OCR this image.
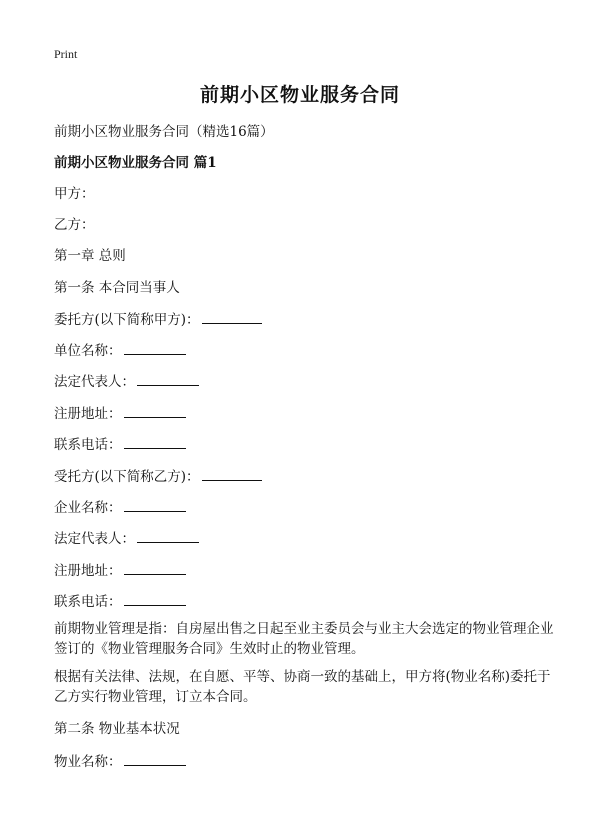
Print
前期小区物业服务合同
前期小区物业服务合同（精选16篇）
前期小区物业服务合同 篇1
甲方：
乙方：
第一章 总则
第一条 本合同当事人
委托方(以下简称甲方)：
单位名称：
法定代表人：
注册地址：
联系电话：
受托方(以下简称乙方)：
企业名称：
法定代表人：
注册地址：
联系电话：
前期物业管理是指：自房屋出售之日起至业主委员会与业主大会选定的物业管理企业签订的《物业管理服务合同》生效时止的物业管理。
根据有关法律、法规，在自愿、平等、协商一致的基础上，甲方将(物业名称)委托于乙方实行物业管理，订立本合同。
第二条 物业基本状况
物业名称：
